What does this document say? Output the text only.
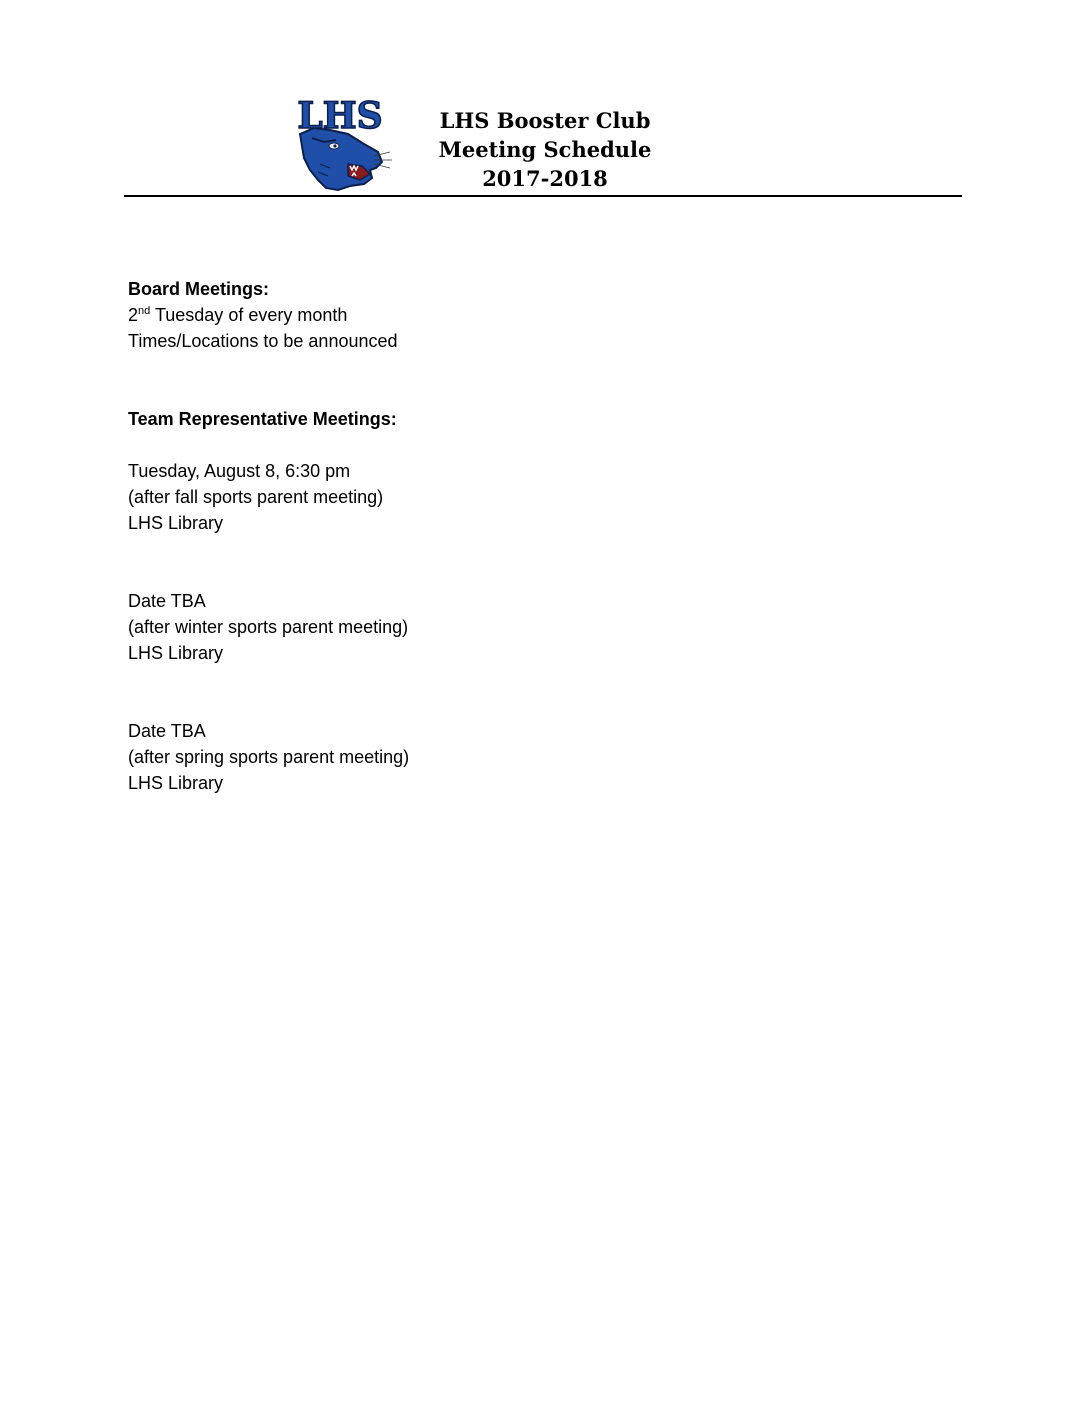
LHS	LHS Booster Club
Meeting Schedule
2017-2018
Board Meetings:
2nd Tuesday of every month
Times/Locations to be announced
Team Representative Meetings:
Tuesday, August 8, 6:30 pm
(after fall sports parent meeting)
LHS Library
Date TBA
(after winter sports parent meeting)
LHS Library
Date TBA
(after spring sports parent meeting)
LHS Library
